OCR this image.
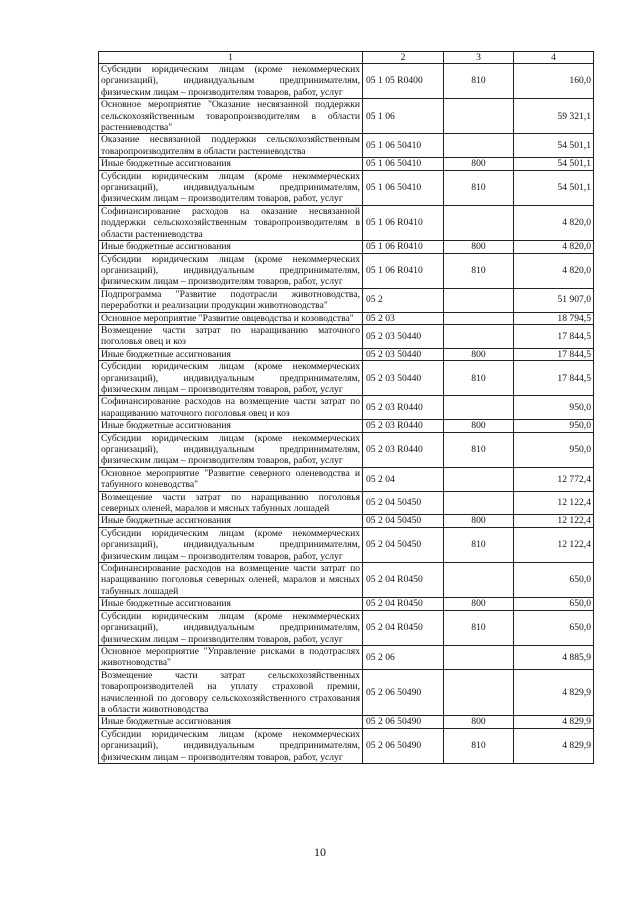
1	2	3	4
Субсидии юридическим лицам (кроме некоммерческих организаций), индивидуальным предпринимателям, физическим лицам – производителям товаров, работ, услуг	05 1 05 R0400	810	160,0
Основное мероприятие "Оказание несвязанной поддержки сельскохозяйственным товаропроизводителям в области растениеводства"	05 1 06		59 321,1
Оказание несвязанной поддержки сельскохозяйственным товаропроизводителям в области растениеводства	05 1 06 50410		54 501,1
Иные бюджетные ассигнования	05 1 06 50410	800	54 501,1
Субсидии юридическим лицам (кроме некоммерческих организаций), индивидуальным предпринимателям, физическим лицам – производителям товаров, работ, услуг	05 1 06 50410	810	54 501,1
Софинансирование расходов на оказание несвязанной поддержки сельскохозяйственным товаропроизводителям в области растениеводства	05 1 06 R0410		4 820,0
Иные бюджетные ассигнования	05 1 06 R0410	800	4 820,0
Субсидии юридическим лицам (кроме некоммерческих организаций), индивидуальным предпринимателям, физическим лицам – производителям товаров, работ, услуг	05 1 06 R0410	810	4 820,0
Подпрограмма "Развитие подотрасли животноводства, переработки и реализации продукции животноводства"	05 2		51 907,0
Основное мероприятие "Развитие овцеводства и козоводства"	05 2 03		18 794,5
Возмещение части затрат по наращиванию маточного поголовья овец и коз	05 2 03 50440		17 844,5
Иные бюджетные ассигнования	05 2 03 50440	800	17 844,5
Субсидии юридическим лицам (кроме некоммерческих организаций), индивидуальным предпринимателям, физическим лицам – производителям товаров, работ, услуг	05 2 03 50440	810	17 844,5
Софинансирование расходов на возмещение части затрат по наращиванию маточного поголовья овец и коз	05 2 03 R0440		950,0
Иные бюджетные ассигнования	05 2 03 R0440	800	950,0
Субсидии юридическим лицам (кроме некоммерческих организаций), индивидуальным предпринимателям, физическим лицам – производителям товаров, работ, услуг	05 2 03 R0440	810	950,0
Основное мероприятие "Развитие северного оленеводства и табунного коневодства"	05 2 04		12 772,4
Возмещение части затрат по наращиванию поголовья северных оленей, маралов и мясных табунных лошадей	05 2 04 50450		12 122,4
Иные бюджетные ассигнования	05 2 04 50450	800	12 122,4
Субсидии юридическим лицам (кроме некоммерческих организаций), индивидуальным предпринимателям, физическим лицам – производителям товаров, работ, услуг	05 2 04 50450	810	12 122,4
Софинансирование расходов на возмещение части затрат по наращиванию поголовья северных оленей, маралов и мясных табунных лошадей	05 2 04 R0450		650,0
Иные бюджетные ассигнования	05 2 04 R0450	800	650,0
Субсидии юридическим лицам (кроме некоммерческих организаций), индивидуальным предпринимателям, физическим лицам – производителям товаров, работ, услуг	05 2 04 R0450	810	650,0
Основное мероприятие "Управление рисками в подотраслях животноводства"	05 2 06		4 885,9
Возмещение части затрат сельскохозяйственных товаропроизводителей на уплату страховой премии, начисленной по договору сельскохозяйственного страхования в области животноводства	05 2 06 50490		4 829,9
Иные бюджетные ассигнования	05 2 06 50490	800	4 829,9
Субсидии юридическим лицам (кроме некоммерческих организаций), индивидуальным предпринимателям, физическим лицам – производителям товаров, работ, услуг	05 2 06 50490	810	4 829,9
10
